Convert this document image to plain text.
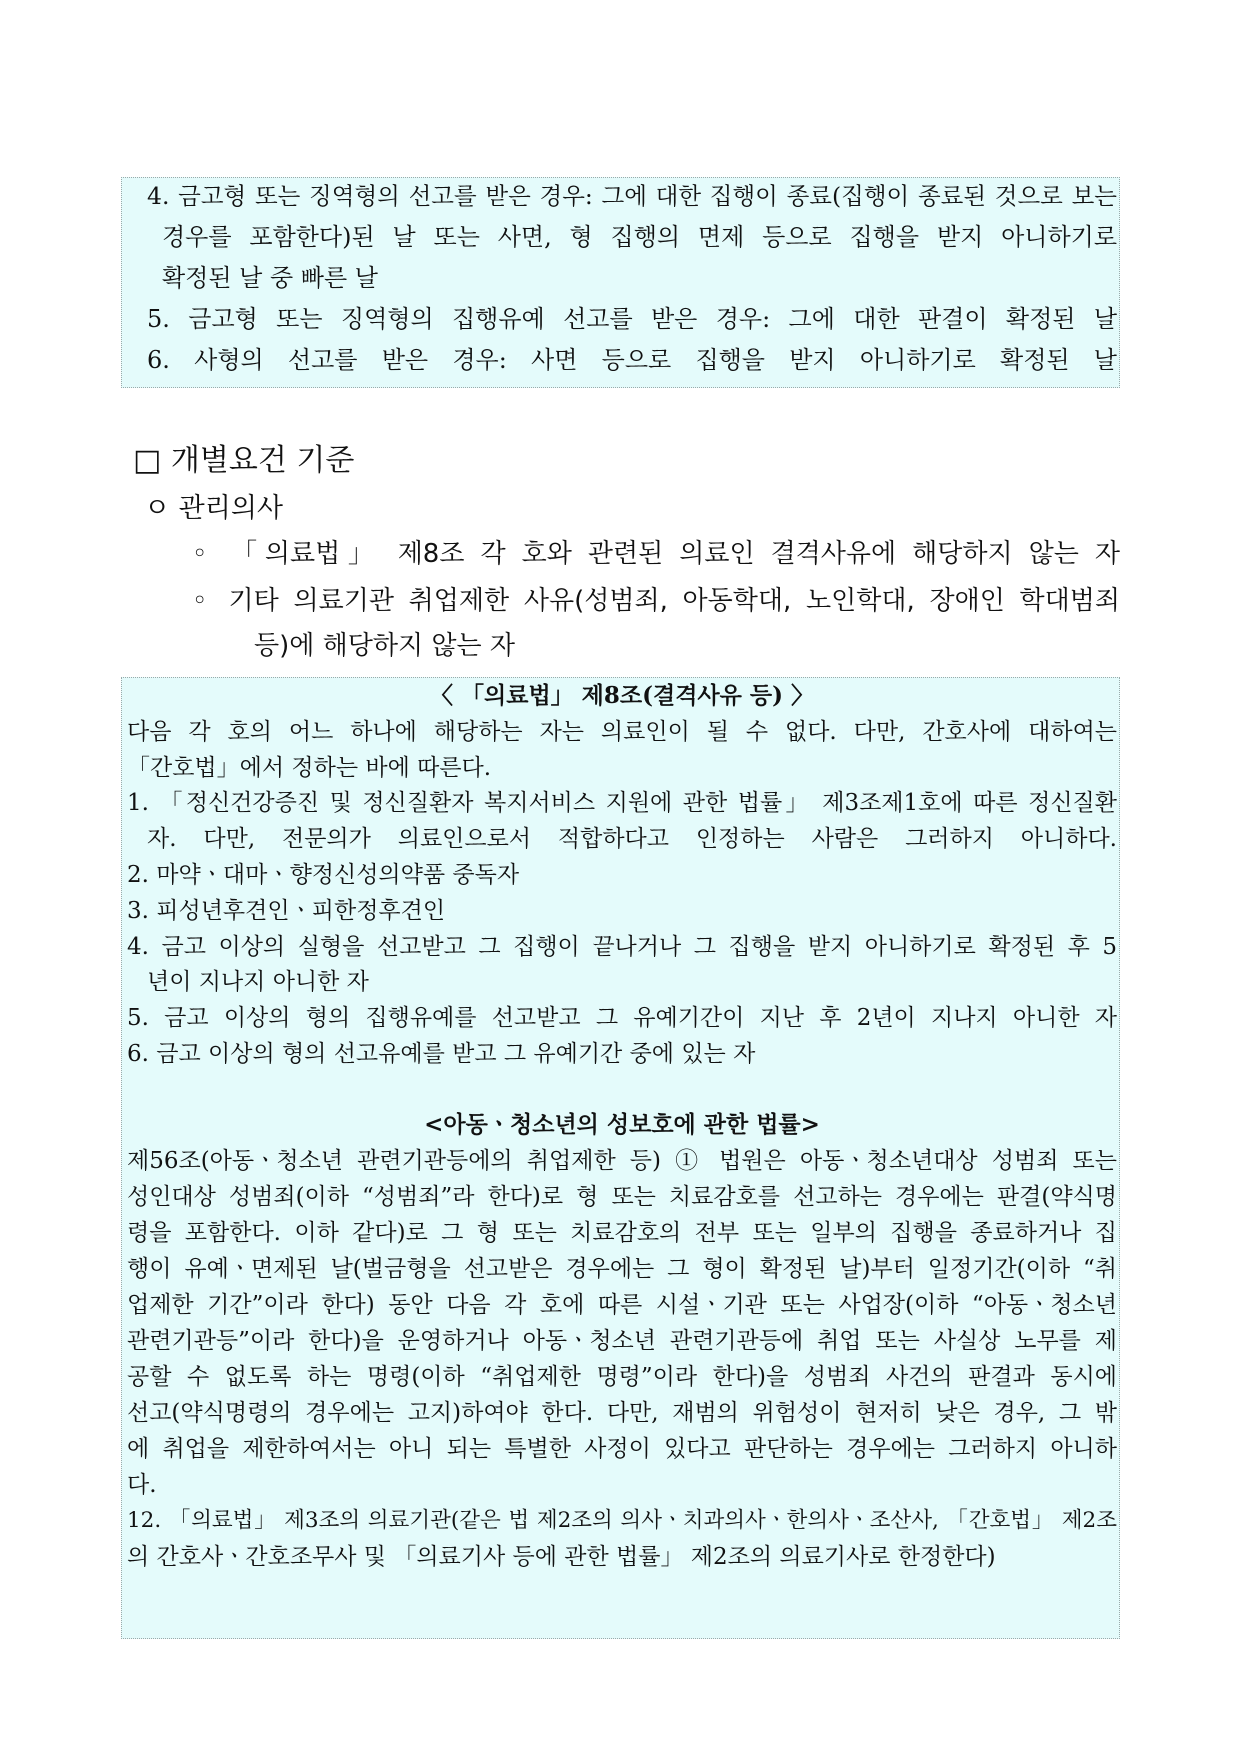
4. 금고형 또는 징역형의 선고를 받은 경우: 그에 대한 집행이 종료(집행이 종료된 것으로 보는
경우를 포함한다)된 날 또는 사면, 형 집행의 면제 등으로 집행을 받지 아니하기로
확정된 날 중 빠른 날
5. 금고형 또는 징역형의 집행유예 선고를 받은 경우: 그에 대한 판결이 확정된 날
6. 사형의 선고를 받은 경우: 사면 등으로 집행을 받지 아니하기로 확정된 날
□ 개별요건 기준
ㅇ 관리의사
◦ 「의료법」 제8조 각 호와 관련된 의료인 결격사유에 해당하지 않는 자
◦ 기타 의료기관 취업제한 사유(성범죄, 아동학대, 노인학대, 장애인 학대범죄
등)에 해당하지 않는 자
〈 「의료법」 제8조(결격사유 등) 〉
다음 각 호의 어느 하나에 해당하는 자는 의료인이 될 수 없다. 다만, 간호사에 대하여는
「간호법」에서 정하는 바에 따른다.
1. 「정신건강증진 및 정신질환자 복지서비스 지원에 관한 법률」 제3조제1호에 따른 정신질환
자. 다만, 전문의가 의료인으로서 적합하다고 인정하는 사람은 그러하지 아니하다.
2. 마약ㆍ대마ㆍ향정신성의약품 중독자
3. 피성년후견인ㆍ피한정후견인
4. 금고 이상의 실형을 선고받고 그 집행이 끝나거나 그 집행을 받지 아니하기로 확정된 후 5
년이 지나지 아니한 자
5. 금고 이상의 형의 집행유예를 선고받고 그 유예기간이 지난 후 2년이 지나지 아니한 자
6. 금고 이상의 형의 선고유예를 받고 그 유예기간 중에 있는 자
<아동ㆍ청소년의 성보호에 관한 법률>
제56조(아동ㆍ청소년 관련기관등에의 취업제한 등) ① 법원은 아동ㆍ청소년대상 성범죄 또는
성인대상 성범죄(이하 “성범죄”라 한다)로 형 또는 치료감호를 선고하는 경우에는 판결(약식명
령을 포함한다. 이하 같다)로 그 형 또는 치료감호의 전부 또는 일부의 집행을 종료하거나 집
행이 유예ㆍ면제된 날(벌금형을 선고받은 경우에는 그 형이 확정된 날)부터 일정기간(이하 “취
업제한 기간”이라 한다) 동안 다음 각 호에 따른 시설ㆍ기관 또는 사업장(이하 “아동ㆍ청소년
관련기관등”이라 한다)을 운영하거나 아동ㆍ청소년 관련기관등에 취업 또는 사실상 노무를 제
공할 수 없도록 하는 명령(이하 “취업제한 명령”이라 한다)을 성범죄 사건의 판결과 동시에
선고(약식명령의 경우에는 고지)하여야 한다. 다만, 재범의 위험성이 현저히 낮은 경우, 그 밖
에 취업을 제한하여서는 아니 되는 특별한 사정이 있다고 판단하는 경우에는 그러하지 아니하
다.
12. 「의료법」 제3조의 의료기관(같은 법 제2조의 의사ㆍ치과의사ㆍ한의사ㆍ조산사, 「간호법」 제2조
의 간호사ㆍ간호조무사 및 「의료기사 등에 관한 법률」 제2조의 의료기사로 한정한다)
